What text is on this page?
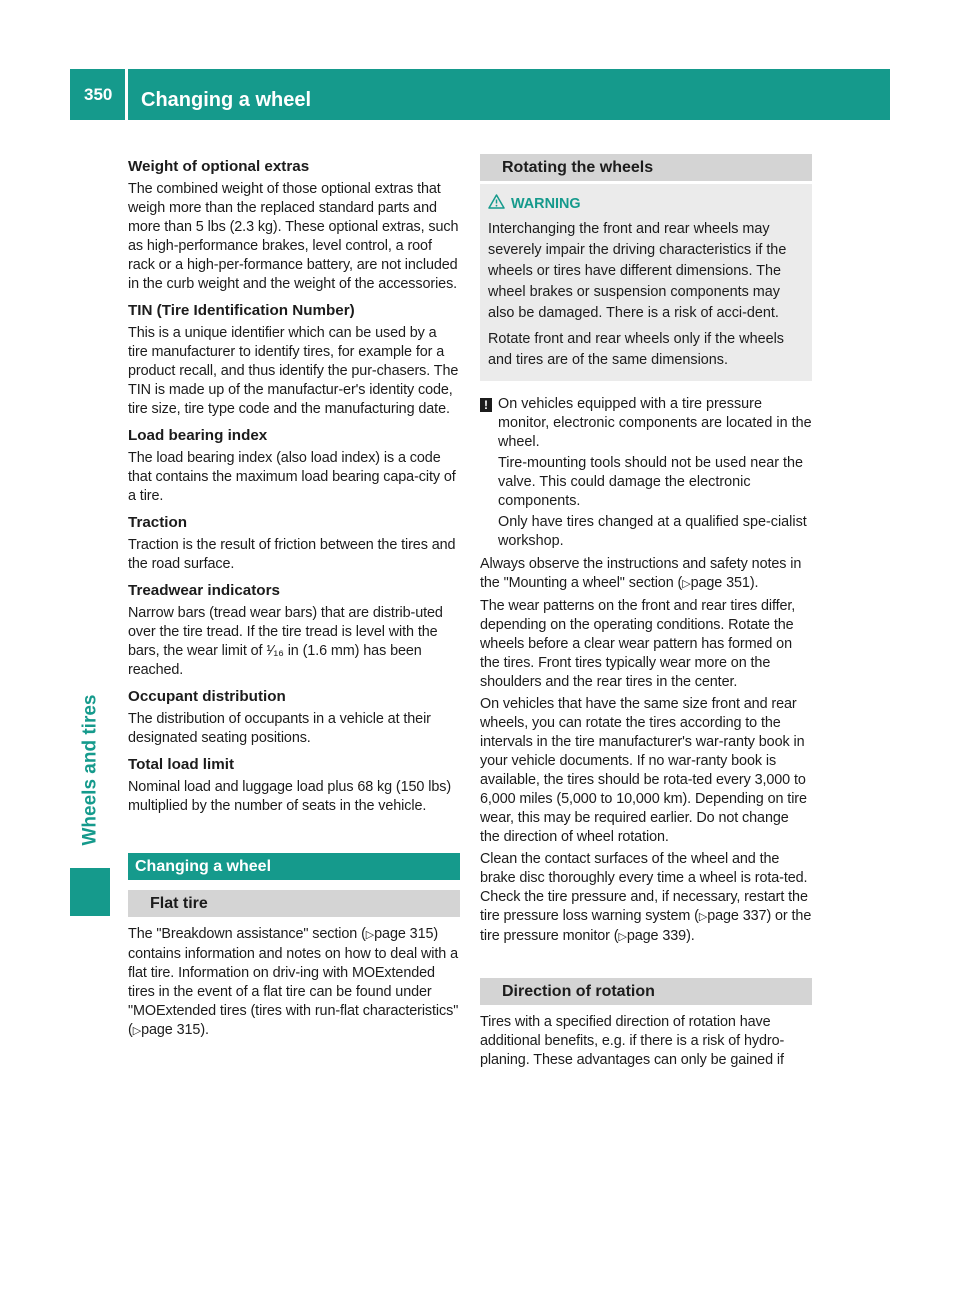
350	Changing a wheel
Wheels and tires
Weight of optional extras

The combined weight of those optional extras that weigh more than the replaced standard parts and more than 5 lbs (2.3 kg). These optional extras, such as high-performance brakes, level control, a roof rack or a high-per-formance battery, are not included in the curb weight and the weight of the accessories.

TIN (Tire Identification Number)

This is a unique identifier which can be used by a tire manufacturer to identify tires, for example for a product recall, and thus identify the pur-chasers. The TIN is made up of the manufactur-er's identity code, tire size, tire type code and the manufacturing date.

Load bearing index

The load bearing index (also load index) is a code that contains the maximum load bearing capa-city of a tire.

Traction

Traction is the result of friction between the tires and the road surface.

Treadwear indicators

Narrow bars (tread wear bars) that are distrib-uted over the tire tread. If the tire tread is level with the bars, the wear limit of ¹⁄₁₆ in (1.6 mm) has been reached.

Occupant distribution

The distribution of occupants in a vehicle at their designated seating positions.

Total load limit

Nominal load and luggage load plus 68 kg (150 lbs) multiplied by the number of seats in the vehicle.

Changing a wheel
Flat tire

The "Breakdown assistance" section (▷page 315) contains information and notes on how to deal with a flat tire. Information on driv-ing with MOExtended tires in the event of a flat tire can be found under "MOExtended tires (tires with run-flat characteristics" (▷page 315).

Rotating the wheels
WARNING

Interchanging the front and rear wheels may severely impair the driving characteristics if the wheels or tires have different dimensions. The wheel brakes or suspension components may also be damaged. There is a risk of acci-dent.

Rotate front and rear wheels only if the wheels and tires are of the same dimensions.

! On vehicles equipped with a tire pressure monitor, electronic components are located in the wheel.

Tire-mounting tools should not be used near the valve. This could damage the electronic components.

Only have tires changed at a qualified spe-cialist workshop.

Always observe the instructions and safety notes in the "Mounting a wheel" section (▷page 351).

The wear patterns on the front and rear tires differ, depending on the operating conditions. Rotate the wheels before a clear wear pattern has formed on the tires. Front tires typically wear more on the shoulders and the rear tires in the center.

On vehicles that have the same size front and rear wheels, you can rotate the tires according to the intervals in the tire manufacturer's war-ranty book in your vehicle documents. If no war-ranty book is available, the tires should be rota-ted every 3,000 to 6,000 miles (5,000 to 10,000 km). Depending on tire wear, this may be required earlier. Do not change the direction of wheel rotation.

Clean the contact surfaces of the wheel and the brake disc thoroughly every time a wheel is rota-ted. Check the tire pressure and, if necessary, restart the tire pressure loss warning system (▷page 337) or the tire pressure monitor (▷page 339).

Direction of rotation

Tires with a specified direction of rotation have additional benefits, e.g. if there is a risk of hydro-planing. These advantages can only be gained if
